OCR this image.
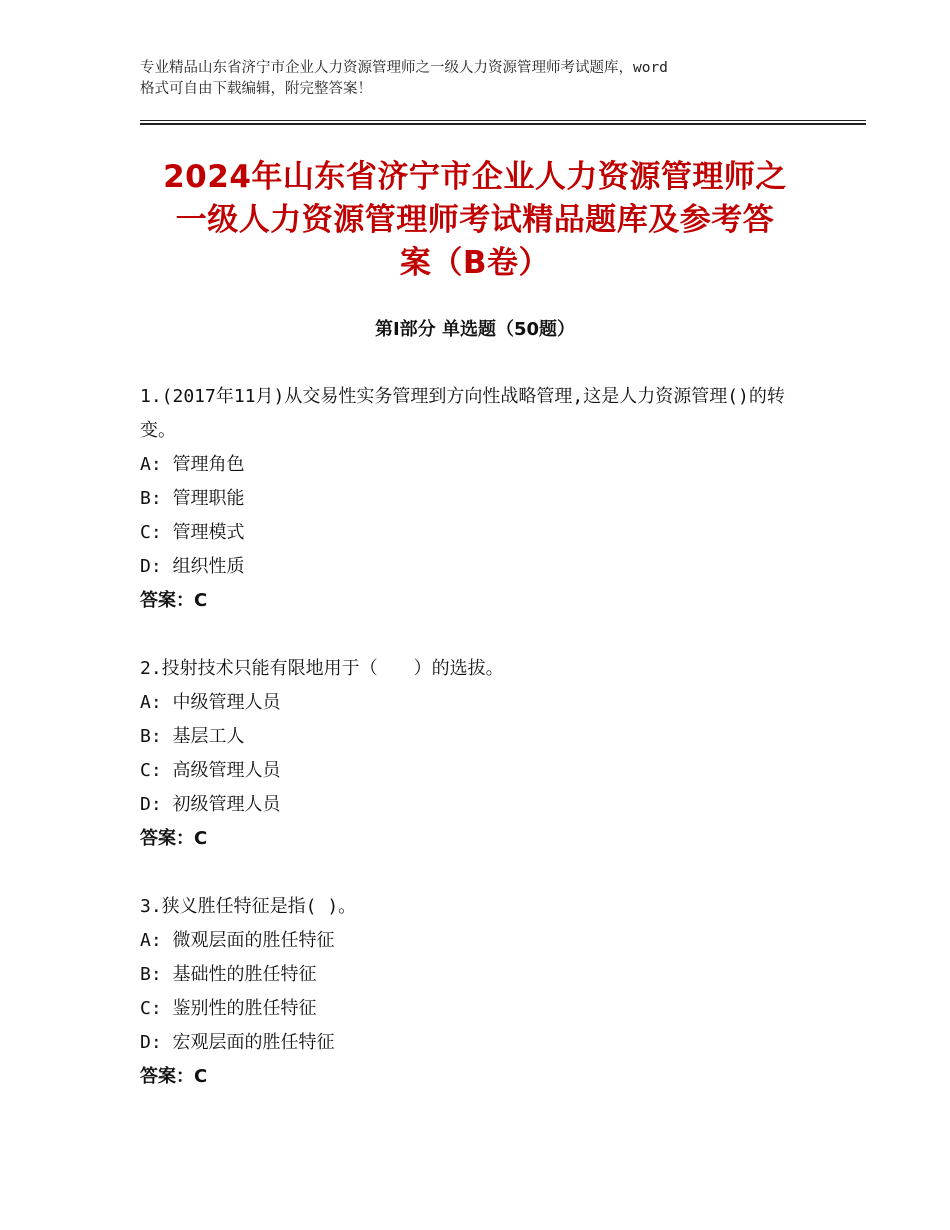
专业精品山东省济宁市企业人力资源管理师之一级人力资源管理师考试题库，word
格式可自由下载编辑，附完整答案！
2024年山东省济宁市企业人力资源管理师之
一级人力资源管理师考试精品题库及参考答
案（B卷）
第Ⅰ部分 单选题（50题）
1.(2017年11月)从交易性实务管理到方向性战略管理,这是人力资源管理()的转变。
A: 管理角色
B: 管理职能
C: 管理模式
D: 组织性质
答案：C
2.投射技术只能有限地用于（　　）的选拔。
A: 中级管理人员
B: 基层工人
C: 高级管理人员
D: 初级管理人员
答案：C
3.狭义胜任特征是指( )。
A: 微观层面的胜任特征
B: 基础性的胜任特征
C: 鉴别性的胜任特征
D: 宏观层面的胜任特征
答案：C
